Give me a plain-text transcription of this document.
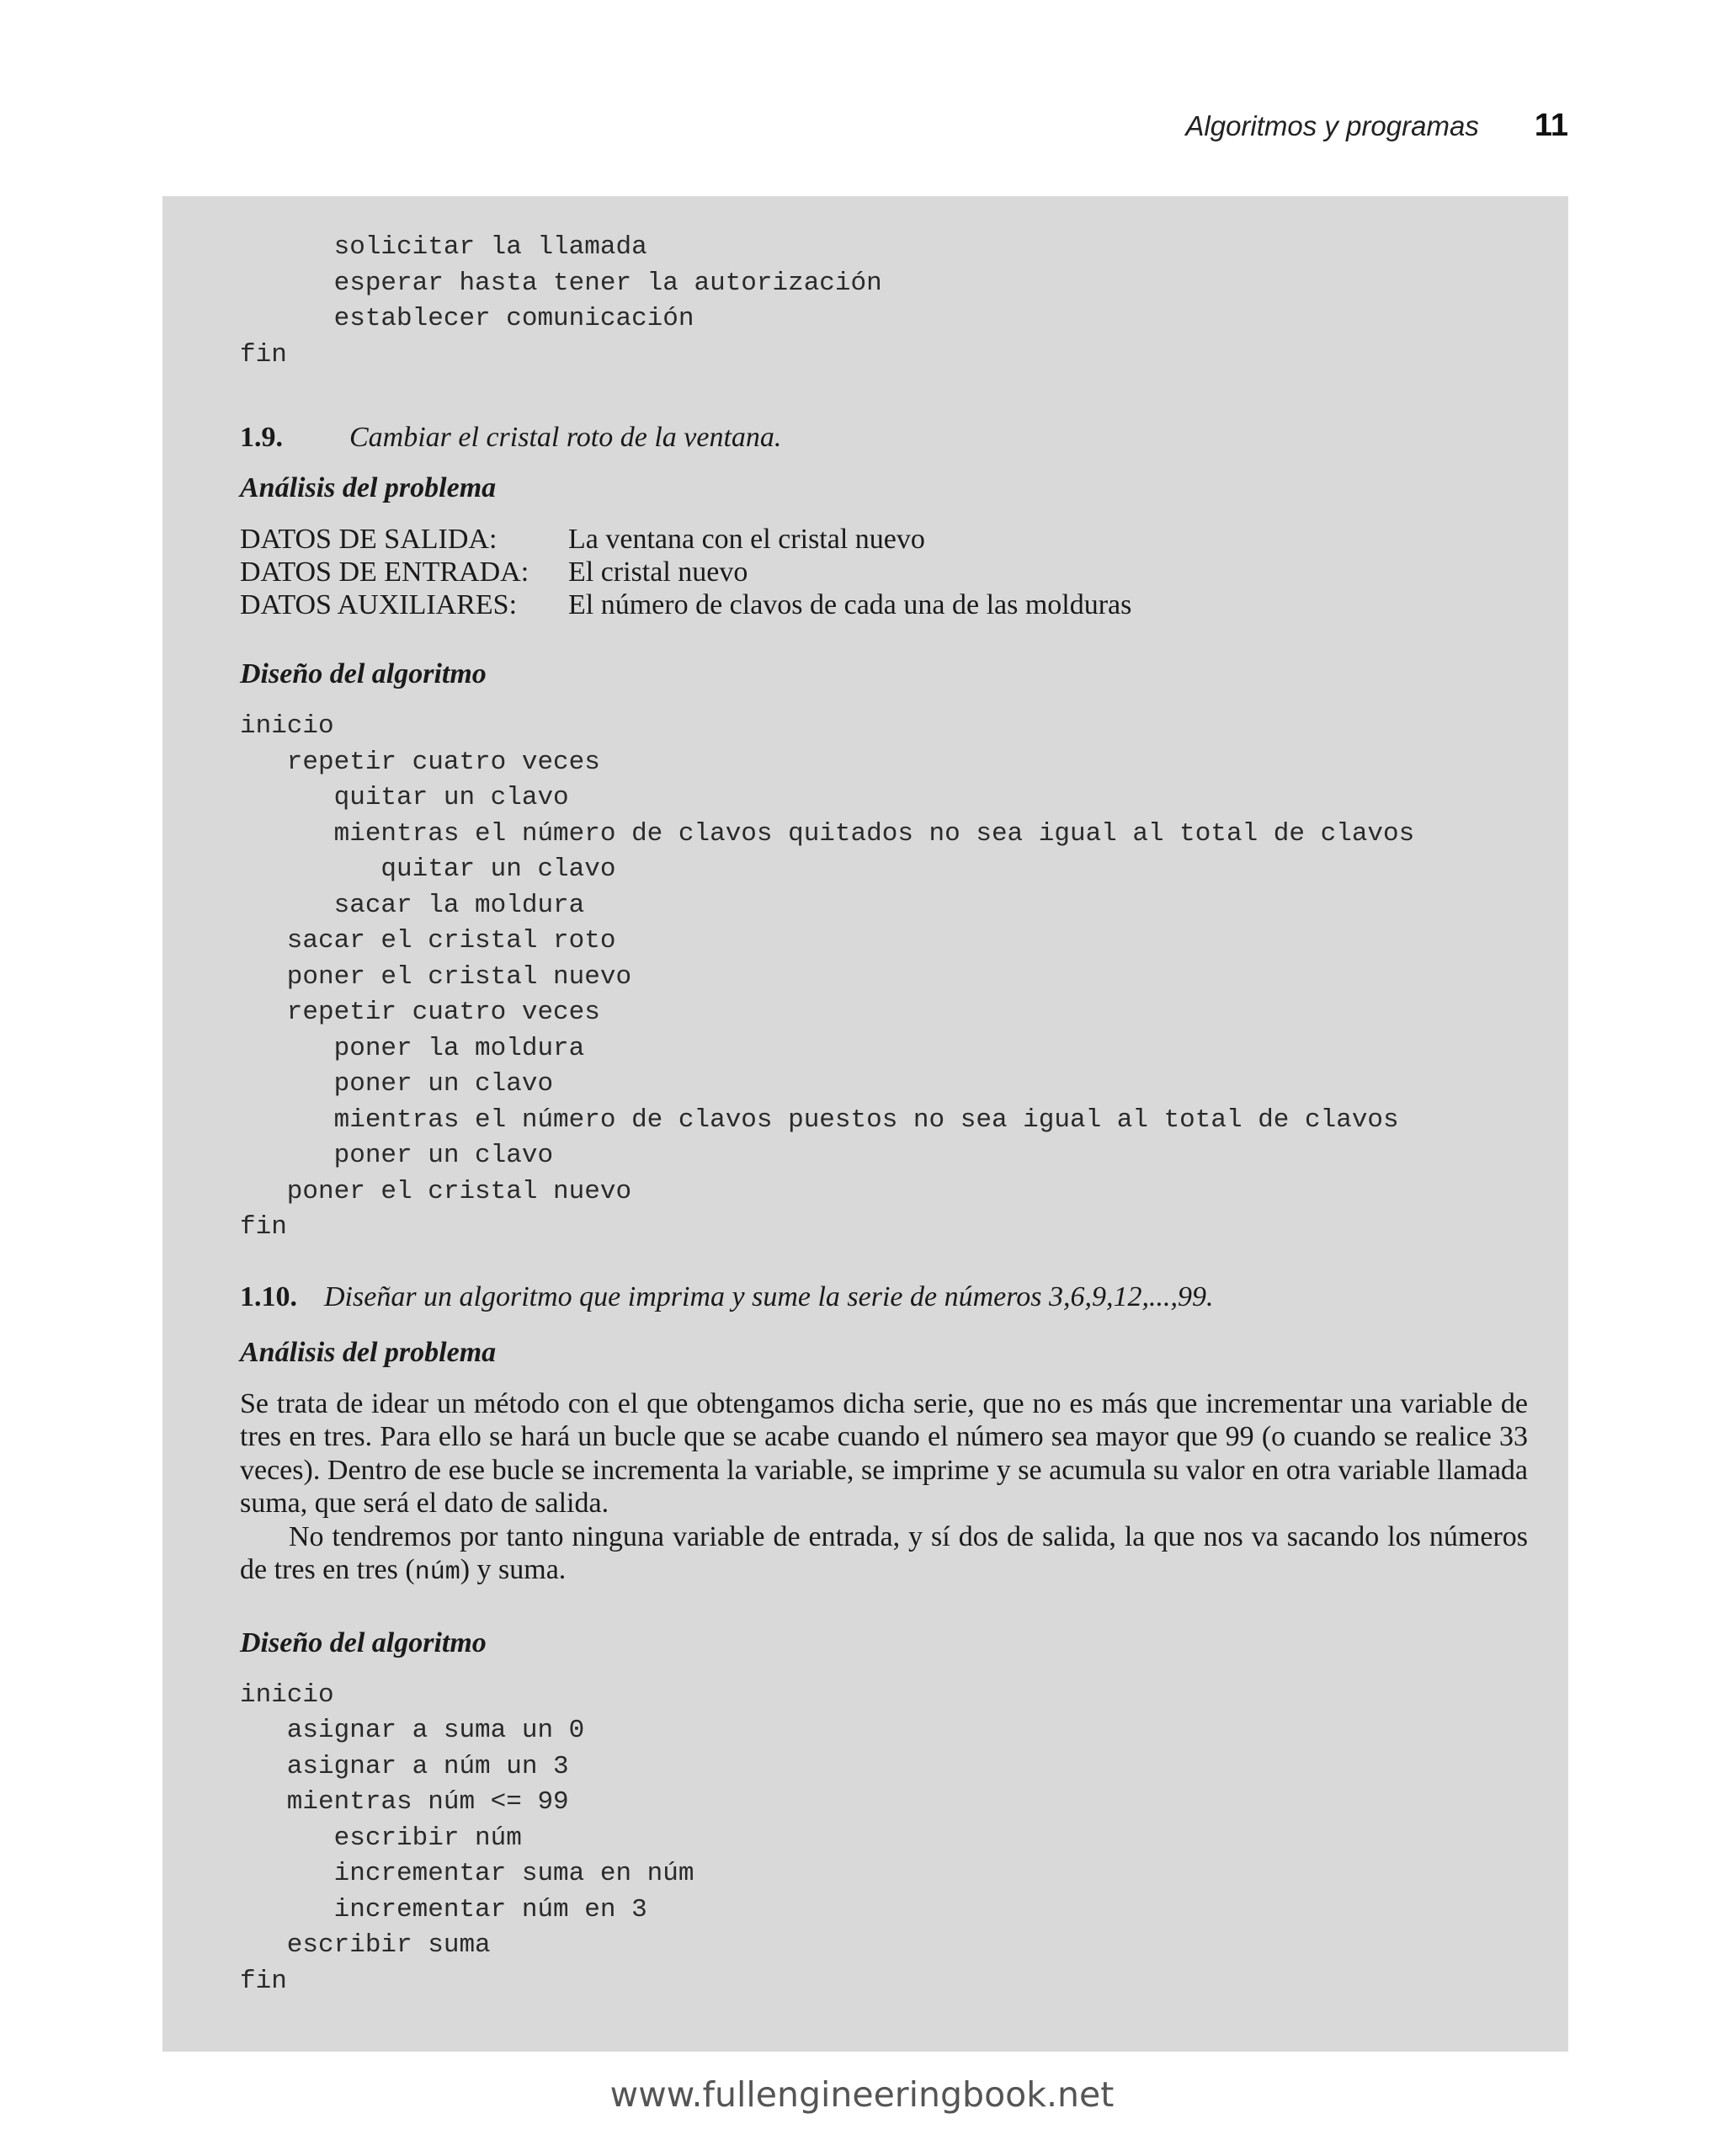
Algoritmos y programas 11
solicitar la llamada
esperar hasta tener la autorización
establecer comunicación
fin
1.9.	Cambiar el cristal roto de la ventana.
Análisis del problema
DATOS DE SALIDA:	La ventana con el cristal nuevo
DATOS DE ENTRADA:	El cristal nuevo
DATOS AUXILIARES:	El número de clavos de cada una de las molduras
Diseño del algoritmo
inicio
repetir cuatro veces
quitar un clavo
mientras el número de clavos quitados no sea igual al total de clavos
quitar un clavo
sacar la moldura
sacar el cristal roto
poner el cristal nuevo
repetir cuatro veces
poner la moldura
poner un clavo
mientras el número de clavos puestos no sea igual al total de clavos
poner un clavo
poner el cristal nuevo
fin
1.10. Diseñar un algoritmo que imprima y sume la serie de números 3,6,9,12,...,99.
Análisis del problema

Se trata de idear un método con el que obtengamos dicha serie, que no es más que incrementar una variable de tres en tres. Para ello se hará un bucle que se acabe cuando el número sea mayor que 99 (o cuando se realice 33 veces). Dentro de ese bucle se incrementa la variable, se imprime y se acumula su valor en otra variable llamada suma, que será el dato de salida.

No tendremos por tanto ninguna variable de entrada, y sí dos de salida, la que nos va sacando los números de tres en tres (núm) y suma.

Diseño del algoritmo
inicio
asignar a suma un 0
asignar a núm un 3
mientras núm <= 99
escribir núm
incrementar suma en núm
incrementar núm en 3
escribir suma
fin
www.fullengineeringbook.net
